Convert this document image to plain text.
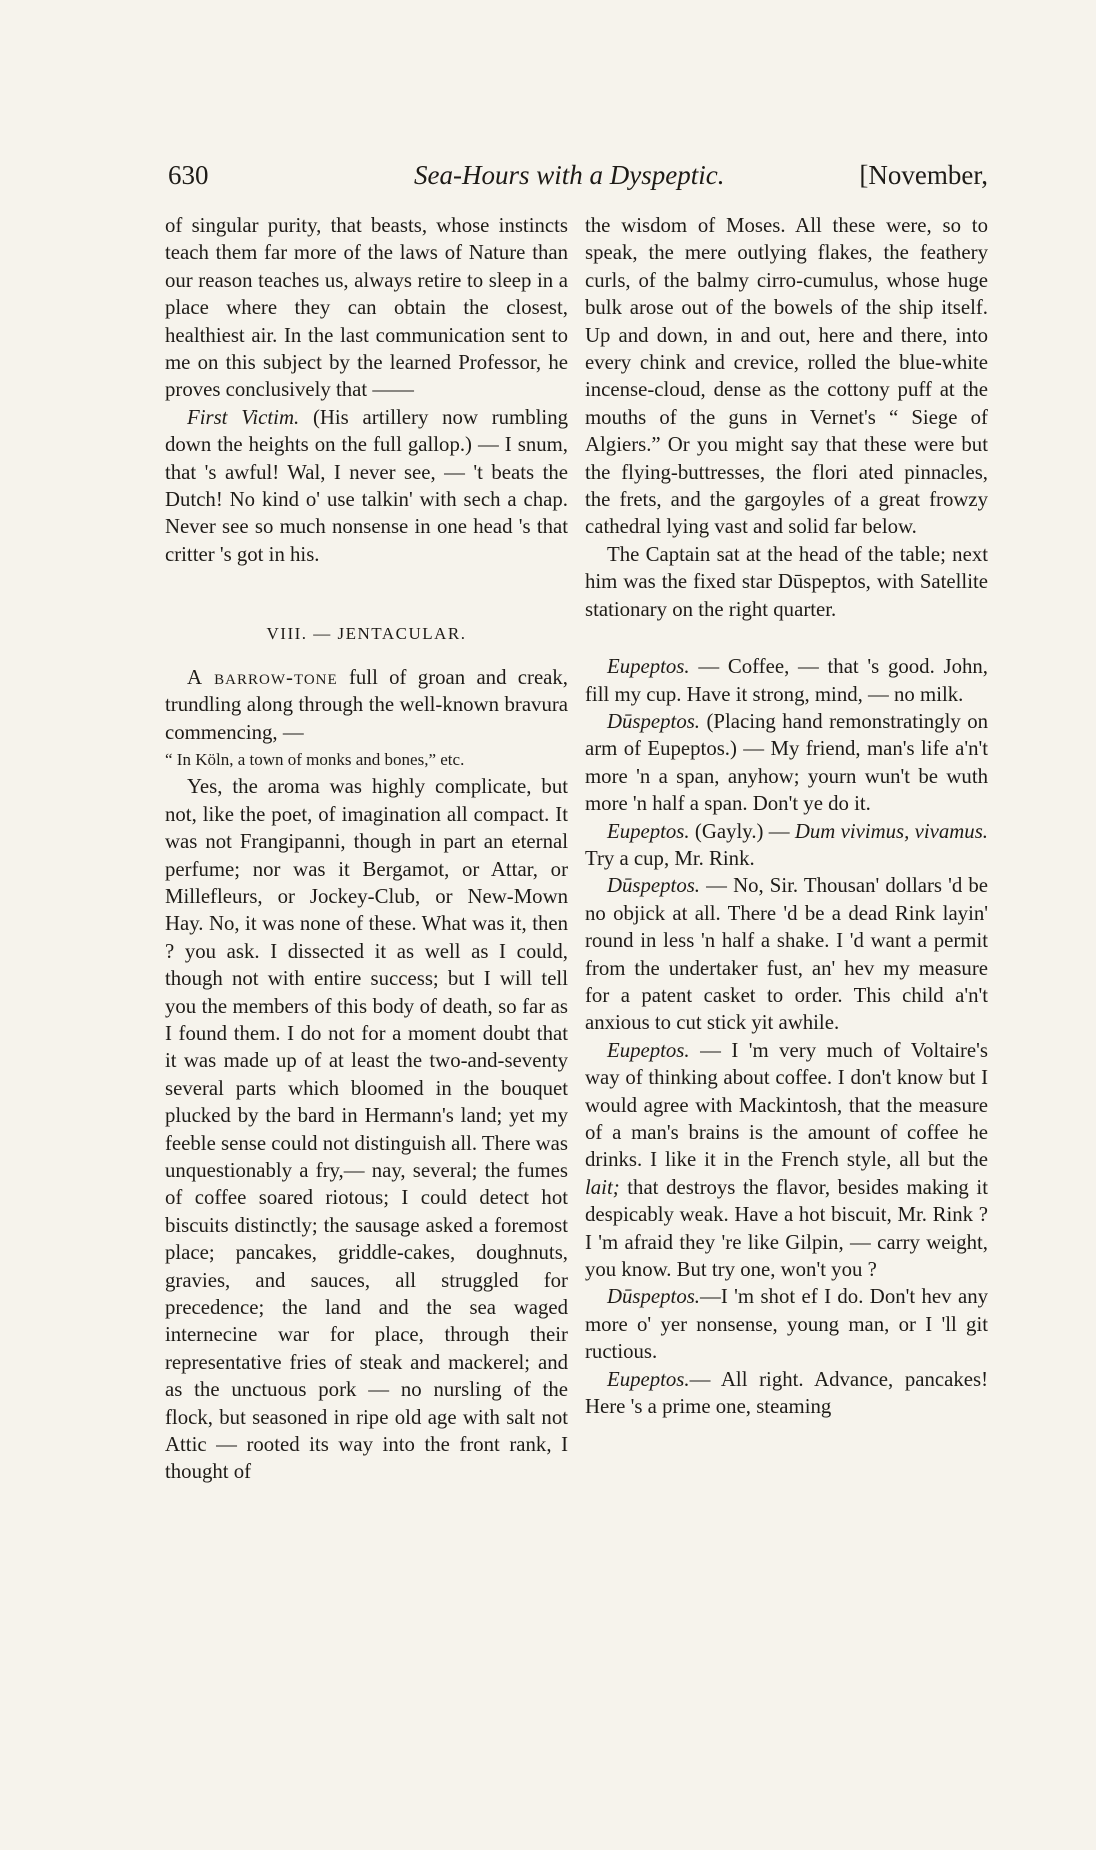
630	Sea-Hours with a Dyspeptic.	[November,

of singular purity, that beasts, whose instincts teach them far more of the laws of Nature than our reason teaches us, always retire to sleep in a place where they can obtain the closest, healthiest air. In the last communication sent to me on this subject by the learned Professor, he proves conclusively that ——

First Victim. (His artillery now rumbling down the heights on the full gallop.) — I snum, that 's awful! Wal, I never see, — 't beats the Dutch! No kind o' use talkin' with sech a chap. Never see so much nonsense in one head 's that critter 's got in his.

VIII. — JENTACULAR.

A barrow-tone full of groan and creak, trundling along through the well-known bravura commencing, —

“ In Köln, a town of monks and bones,” etc.

Yes, the aroma was highly complicate, but not, like the poet, of imagination all compact. It was not Frangipanni, though in part an eternal perfume; nor was it Bergamot, or Attar, or Millefleurs, or Jockey-Club, or New-Mown Hay. No, it was none of these. What was it, then ? you ask. I dissected it as well as I could, though not with entire success; but I will tell you the members of this body of death, so far as I found them. I do not for a moment doubt that it was made up of at least the two-and-seventy several parts which bloomed in the bouquet plucked by the bard in Hermann's land; yet my feeble sense could not distinguish all. There was unquestionably a fry,— nay, several; the fumes of coffee soared riotous; I could detect hot biscuits distinctly; the sausage asked a foremost place; pancakes, griddle-cakes, doughnuts, gravies, and sauces, all struggled for precedence; the land and the sea waged internecine war for place, through their representative fries of steak and mackerel; and as the unctuous pork — no nursling of the flock, but seasoned in ripe old age with salt not Attic — rooted its way into the front rank, I thought of

the wisdom of Moses. All these were, so to speak, the mere outlying flakes, the feathery curls, of the balmy cirro-cumulus, whose huge bulk arose out of the bowels of the ship itself. Up and down, in and out, here and there, into every chink and crevice, rolled the blue-white incense-cloud, dense as the cottony puff at the mouths of the guns in Vernet's “ Siege of Algiers.” Or you might say that these were but the flying-buttresses, the flori ated pinnacles, the frets, and the gargoyles of a great frowzy cathedral lying vast and solid far below.

The Captain sat at the head of the table; next him was the fixed star Dūspeptos, with Satellite stationary on the right quarter.

Eupeptos. — Coffee, — that 's good. John, fill my cup. Have it strong, mind, — no milk.

Dūspeptos. (Placing hand remonstratingly on arm of Eupeptos.) — My friend, man's life a'n't more 'n a span, anyhow; yourn wun't be wuth more 'n half a span. Don't ye do it.

Eupeptos. (Gayly.) — Dum vivimus, vivamus. Try a cup, Mr. Rink.

Dūspeptos. — No, Sir. Thousan' dollars 'd be no objick at all. There 'd be a dead Rink layin' round in less 'n half a shake. I 'd want a permit from the undertaker fust, an' hev my measure for a patent casket to order. This child a'n't anxious to cut stick yit awhile.

Eupeptos. — I 'm very much of Voltaire's way of thinking about coffee. I don't know but I would agree with Mackintosh, that the measure of a man's brains is the amount of coffee he drinks. I like it in the French style, all but the lait; that destroys the flavor, besides making it despicably weak. Have a hot biscuit, Mr. Rink ? I 'm afraid they 're like Gilpin, — carry weight, you know. But try one, won't you ?

Dūspeptos.—I 'm shot ef I do. Don't hev any more o' yer nonsense, young man, or I 'll git ructious.

Eupeptos.— All right. Advance, pancakes! Here 's a prime one, steaming
